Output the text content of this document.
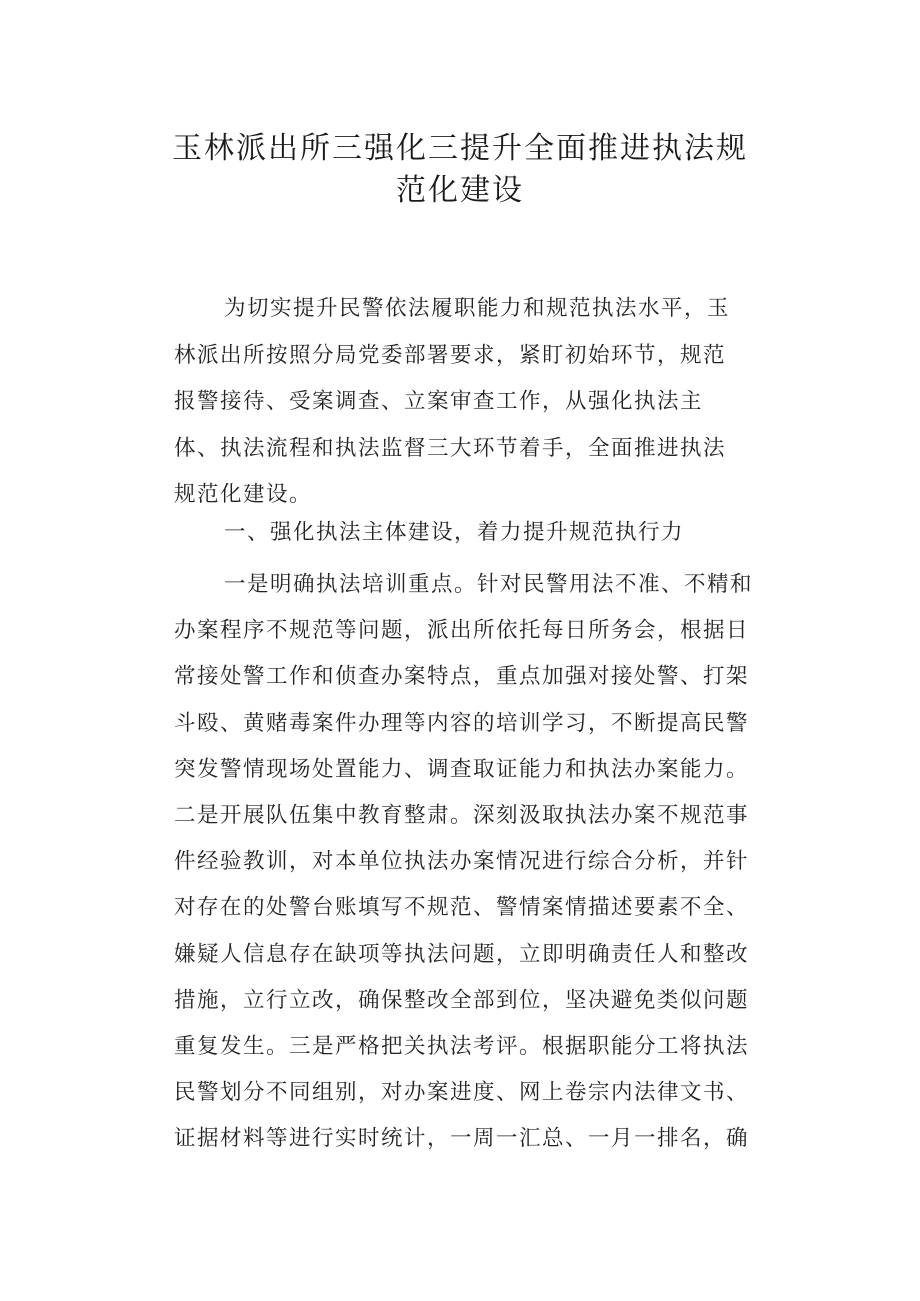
玉林派出所三强化三提升全面推进执法规
范化建设
为切实提升民警依法履职能力和规范执法水平，玉
林派出所按照分局党委部署要求，紧盯初始环节，规范
报警接待、受案调查、立案审查工作，从强化执法主
体、执法流程和执法监督三大环节着手，全面推进执法
规范化建设。
一、强化执法主体建设，着力提升规范执行力
一是明确执法培训重点。针对民警用法不准、不精和
办案程序不规范等问题，派出所依托每日所务会，根据日
常接处警工作和侦查办案特点，重点加强对接处警、打架
斗殴、黄赌毒案件办理等内容的培训学习，不断提高民警
突发警情现场处置能力、调查取证能力和执法办案能力。
二是开展队伍集中教育整肃。深刻汲取执法办案不规范事
件经验教训，对本单位执法办案情况进行综合分析，并针
对存在的处警台账填写不规范、警情案情描述要素不全、
嫌疑人信息存在缺项等执法问题，立即明确责任人和整改
措施，立行立改，确保整改全部到位，坚决避免类似问题
重复发生。三是严格把关执法考评。根据职能分工将执法
民警划分不同组别，对办案进度、网上卷宗内法律文书、
证据材料等进行实时统计，一周一汇总、一月一排名，确
